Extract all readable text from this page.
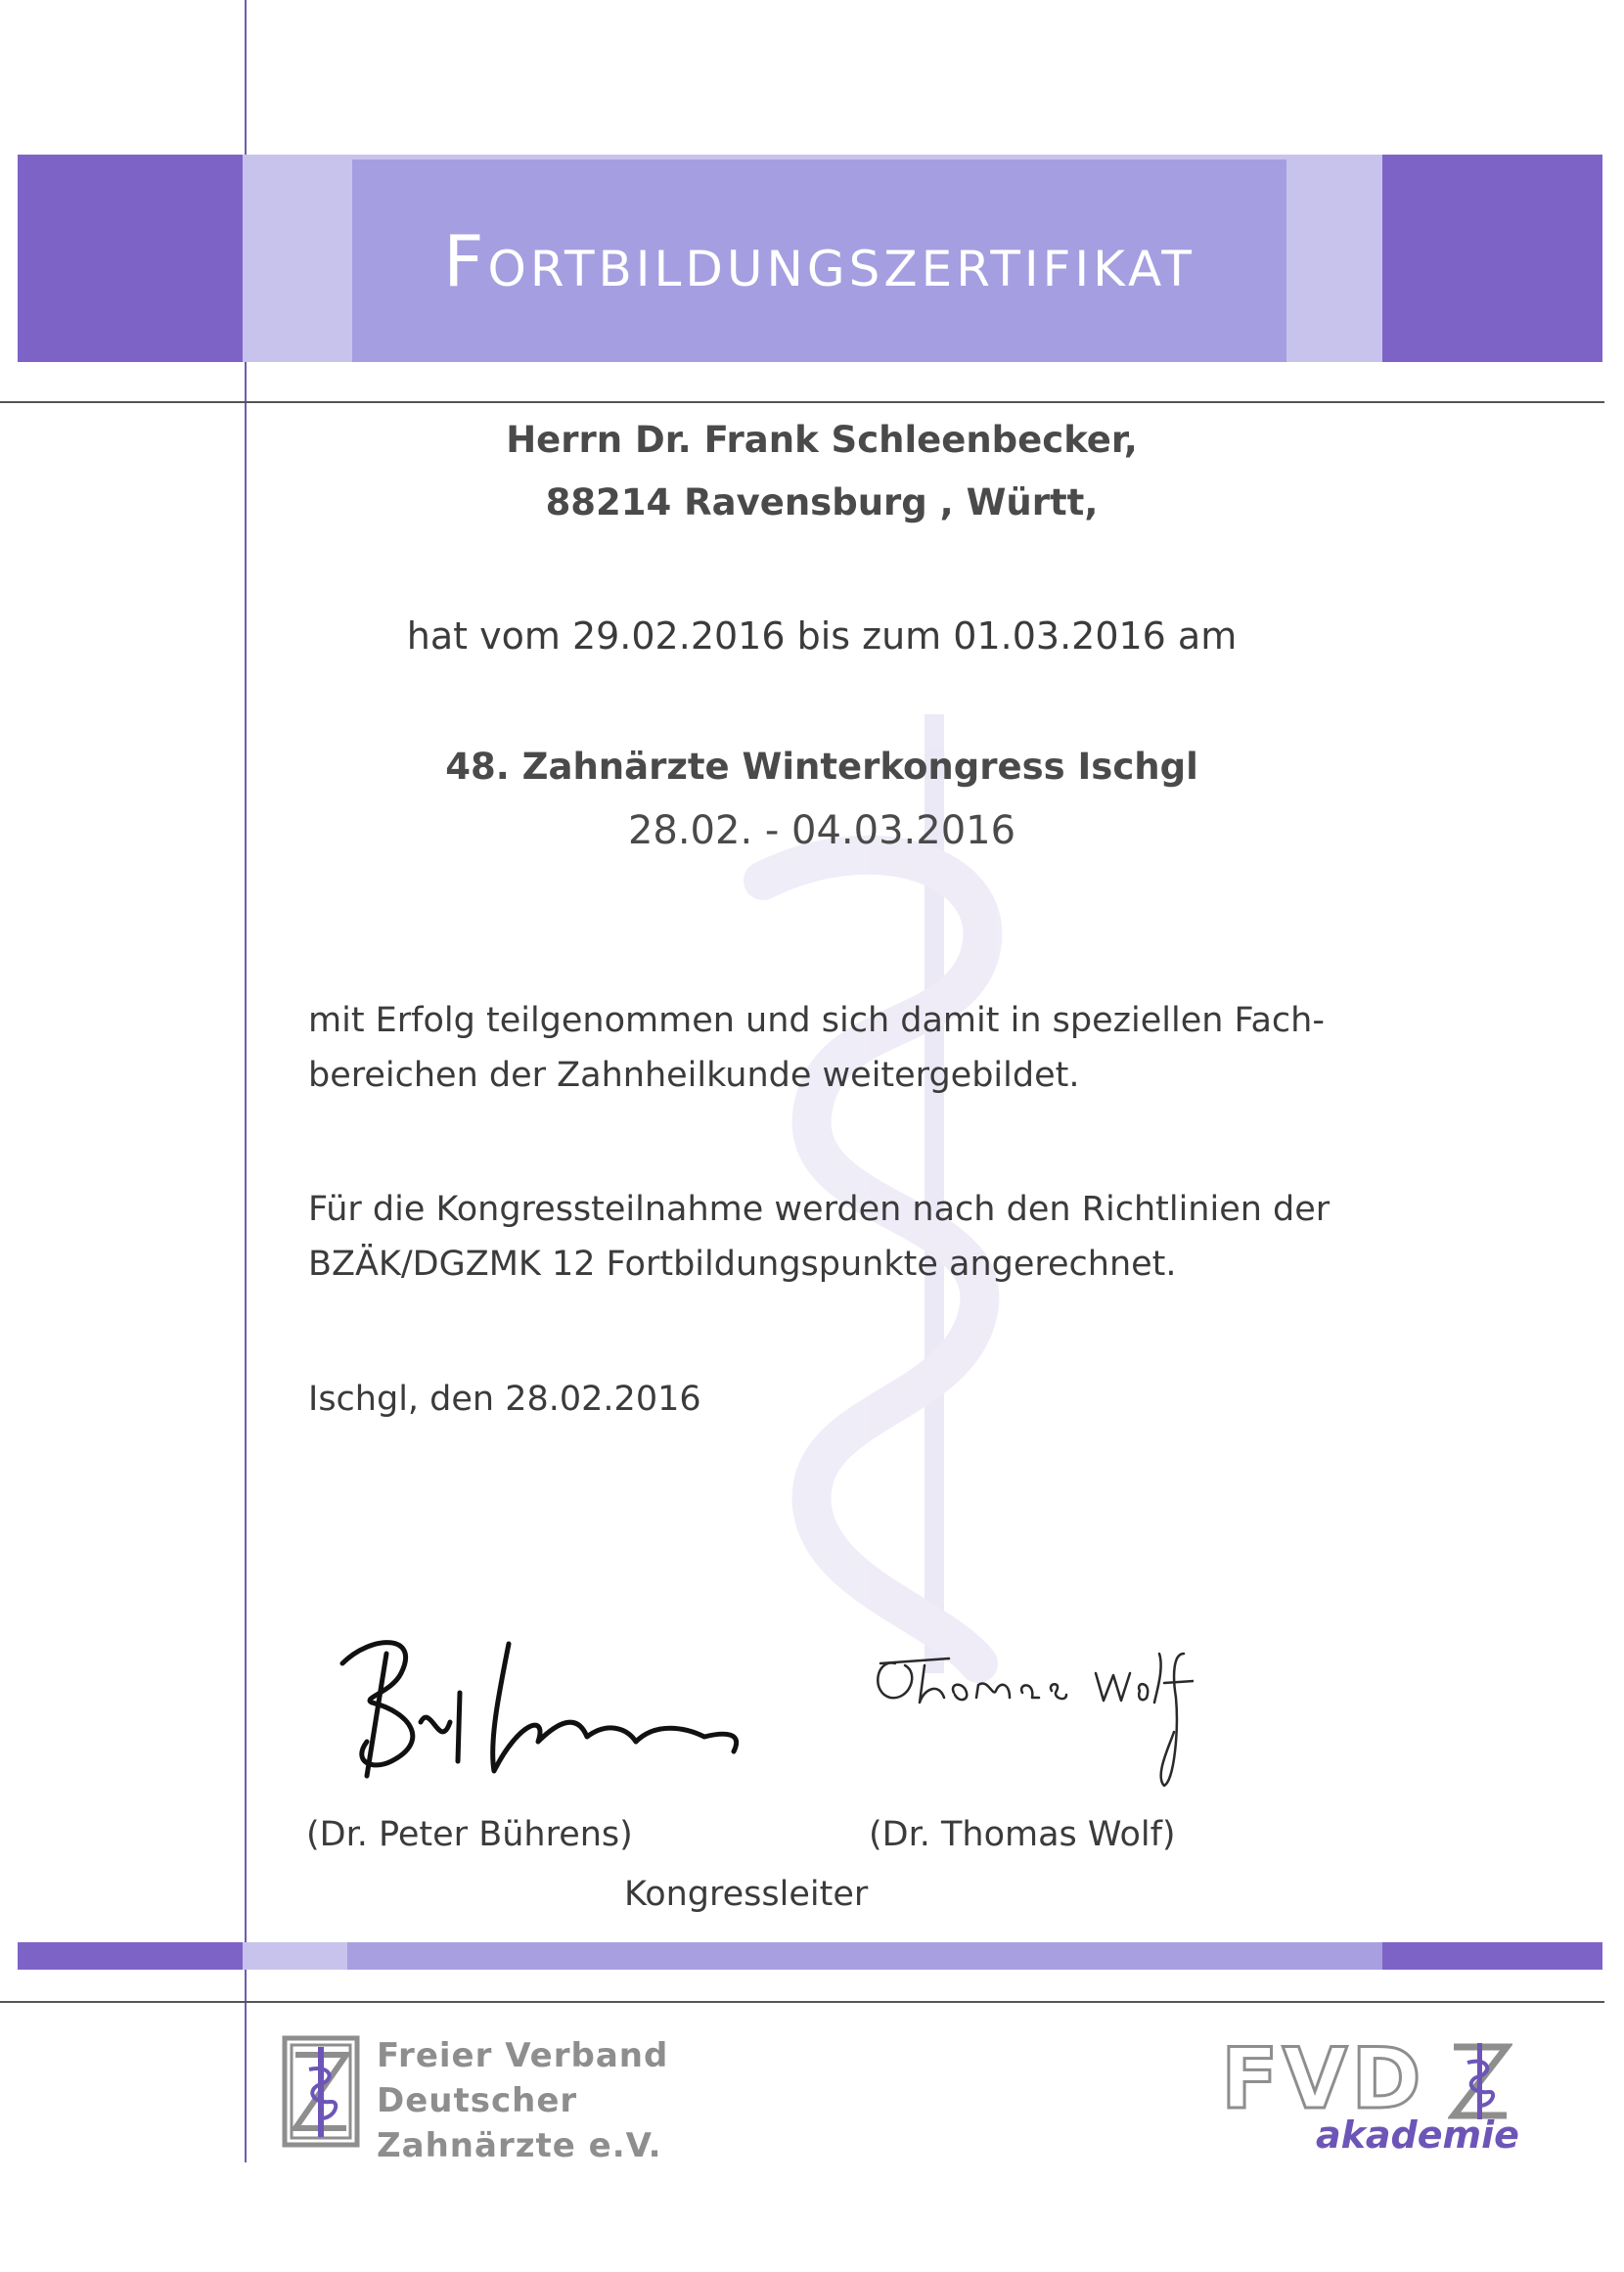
Fortbildungszertifikat
Herrn Dr. Frank Schleenbecker,
88214 Ravensburg , Württ,
hat vom 29.02.2016 bis zum 01.03.2016 am
48. Zahnärzte Winterkongress Ischgl
28.02. - 04.03.2016
mit Erfolg teilgenommen und sich damit in speziellen Fach-
bereichen der Zahnheilkunde weitergebildet.
Für die Kongressteilnahme werden nach den Richtlinien der
BZÄK/DGZMK 12 Fortbildungspunkte angerechnet.
Ischgl, den 28.02.2016
(Dr. Peter Bührens)	(Dr. Thomas Wolf)
Kongressleiter
Freier Verband
Deutscher
Zahnärzte e.V.
FVD
akademie
